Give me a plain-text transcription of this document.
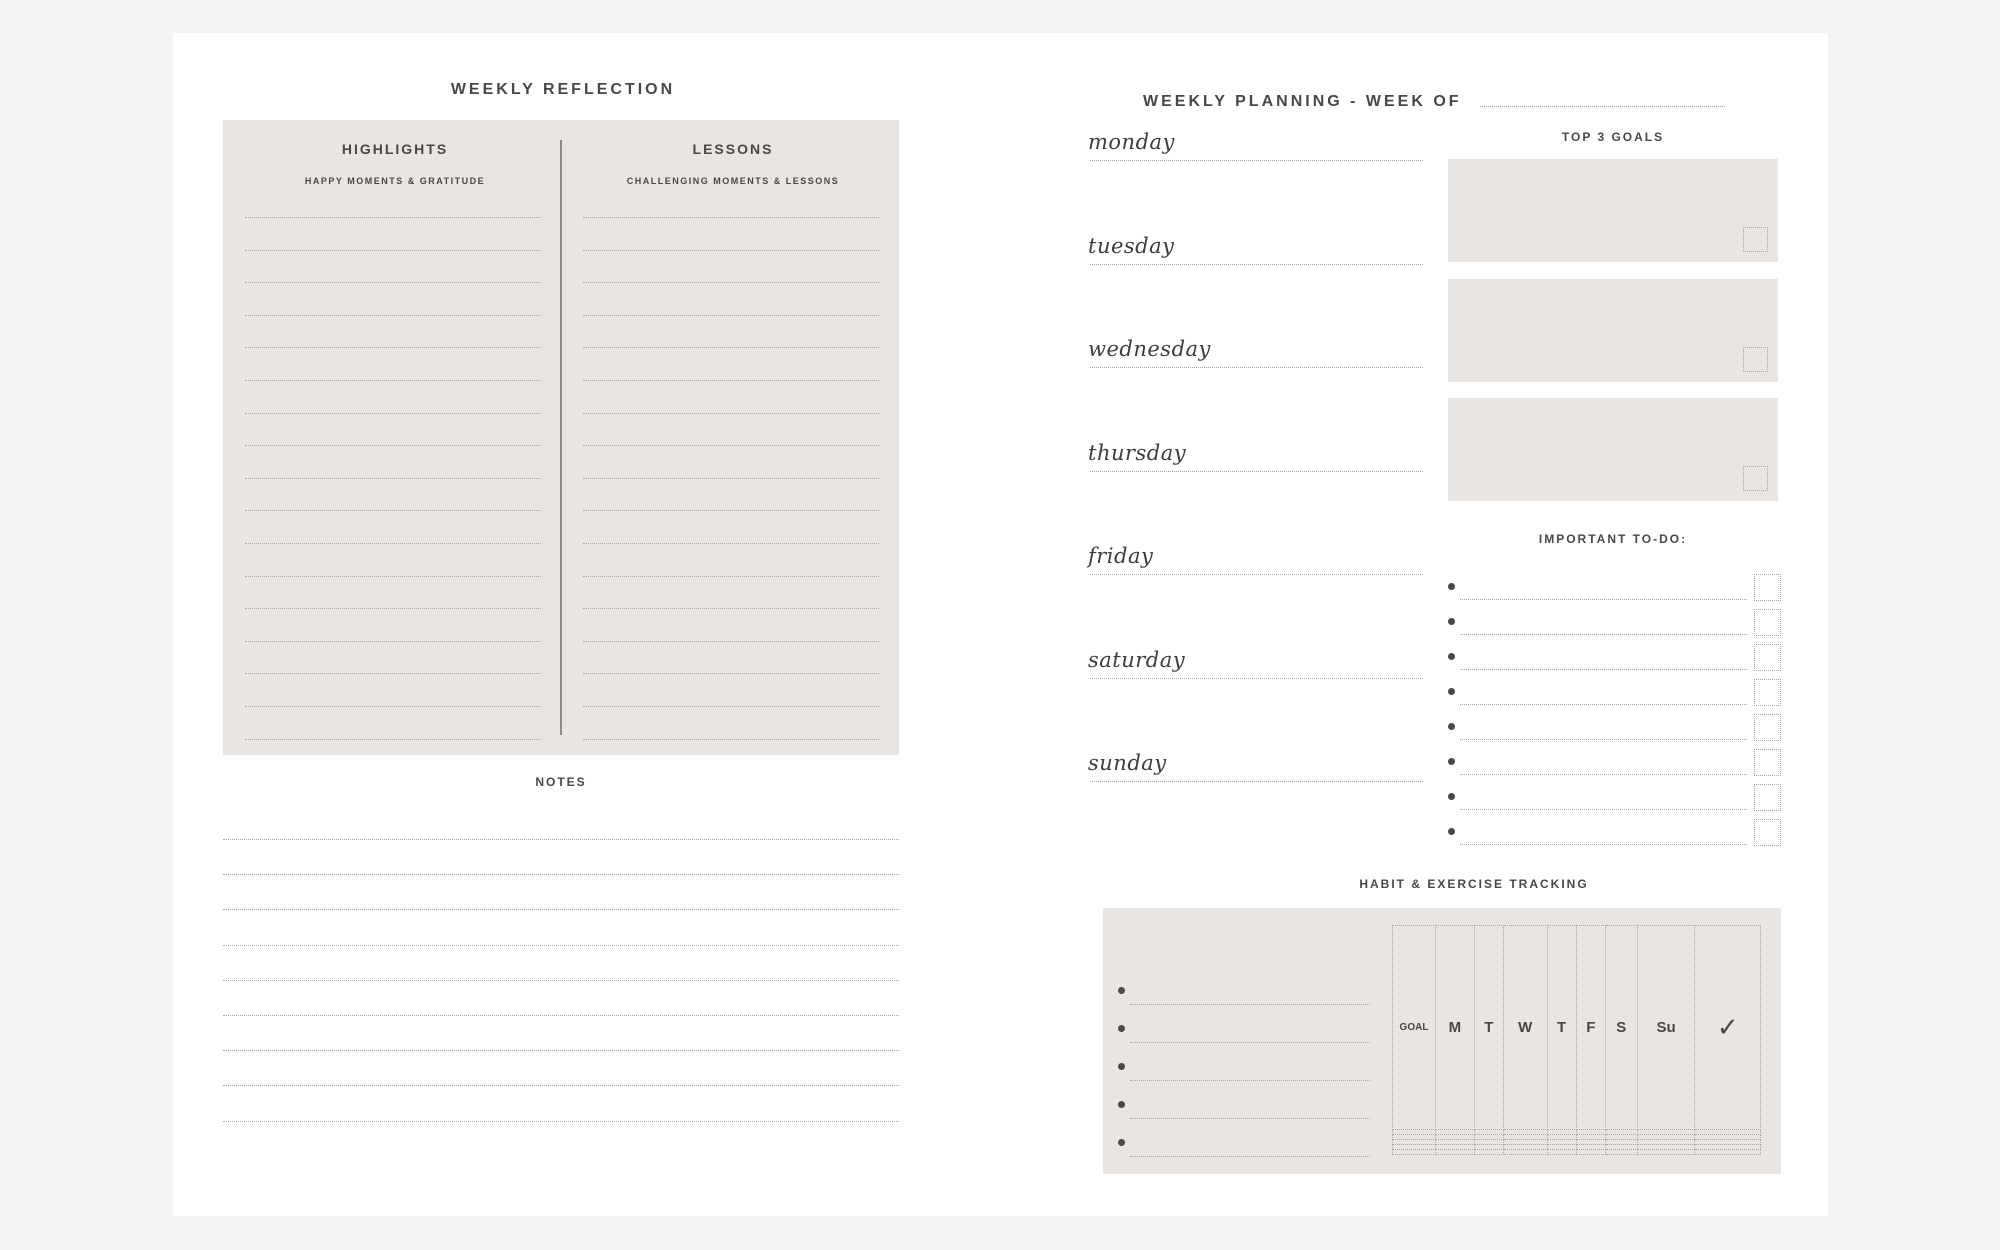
WEEKLY REFLECTION
HIGHLIGHTS
HAPPY MOMENTS & GRATITUDE
LESSONS
CHALLENGING MOMENTS & LESSONS
NOTES
WEEKLY PLANNING - WEEK OF
monday
tuesday
wednesday
thursday
friday
saturday
sunday
TOP 3 GOALS
IMPORTANT TO-DO:
HABIT & EXERCISE TRACKING
GOAL	M	T	W	T	F	S	Su	✓
